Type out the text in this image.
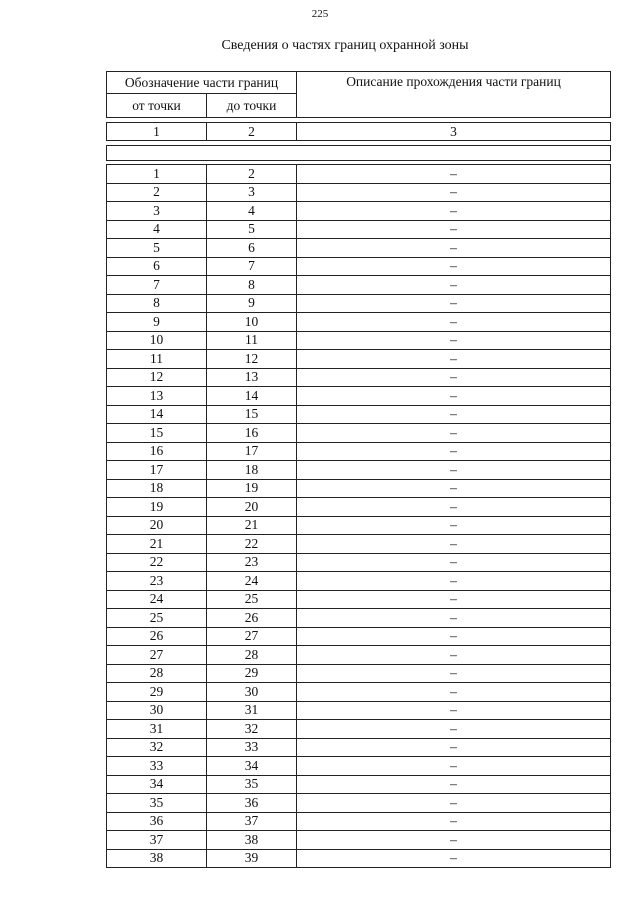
225
Сведения о частях границ охранной зоны
Обозначение части границ		Описание прохождения части границ
от точки	до точки	

1	2	3

1	2	–
2	3	–
3	4	–
4	5	–
5	6	–
6	7	–
7	8	–
8	9	–
9	10	–
10	11	–
11	12	–
12	13	–
13	14	–
14	15	–
15	16	–
16	17	–
17	18	–
18	19	–
19	20	–
20	21	–
21	22	–
22	23	–
23	24	–
24	25	–
25	26	–
26	27	–
27	28	–
28	29	–
29	30	–
30	31	–
31	32	–
32	33	–
33	34	–
34	35	–
35	36	–
36	37	–
37	38	–
38	39	–
